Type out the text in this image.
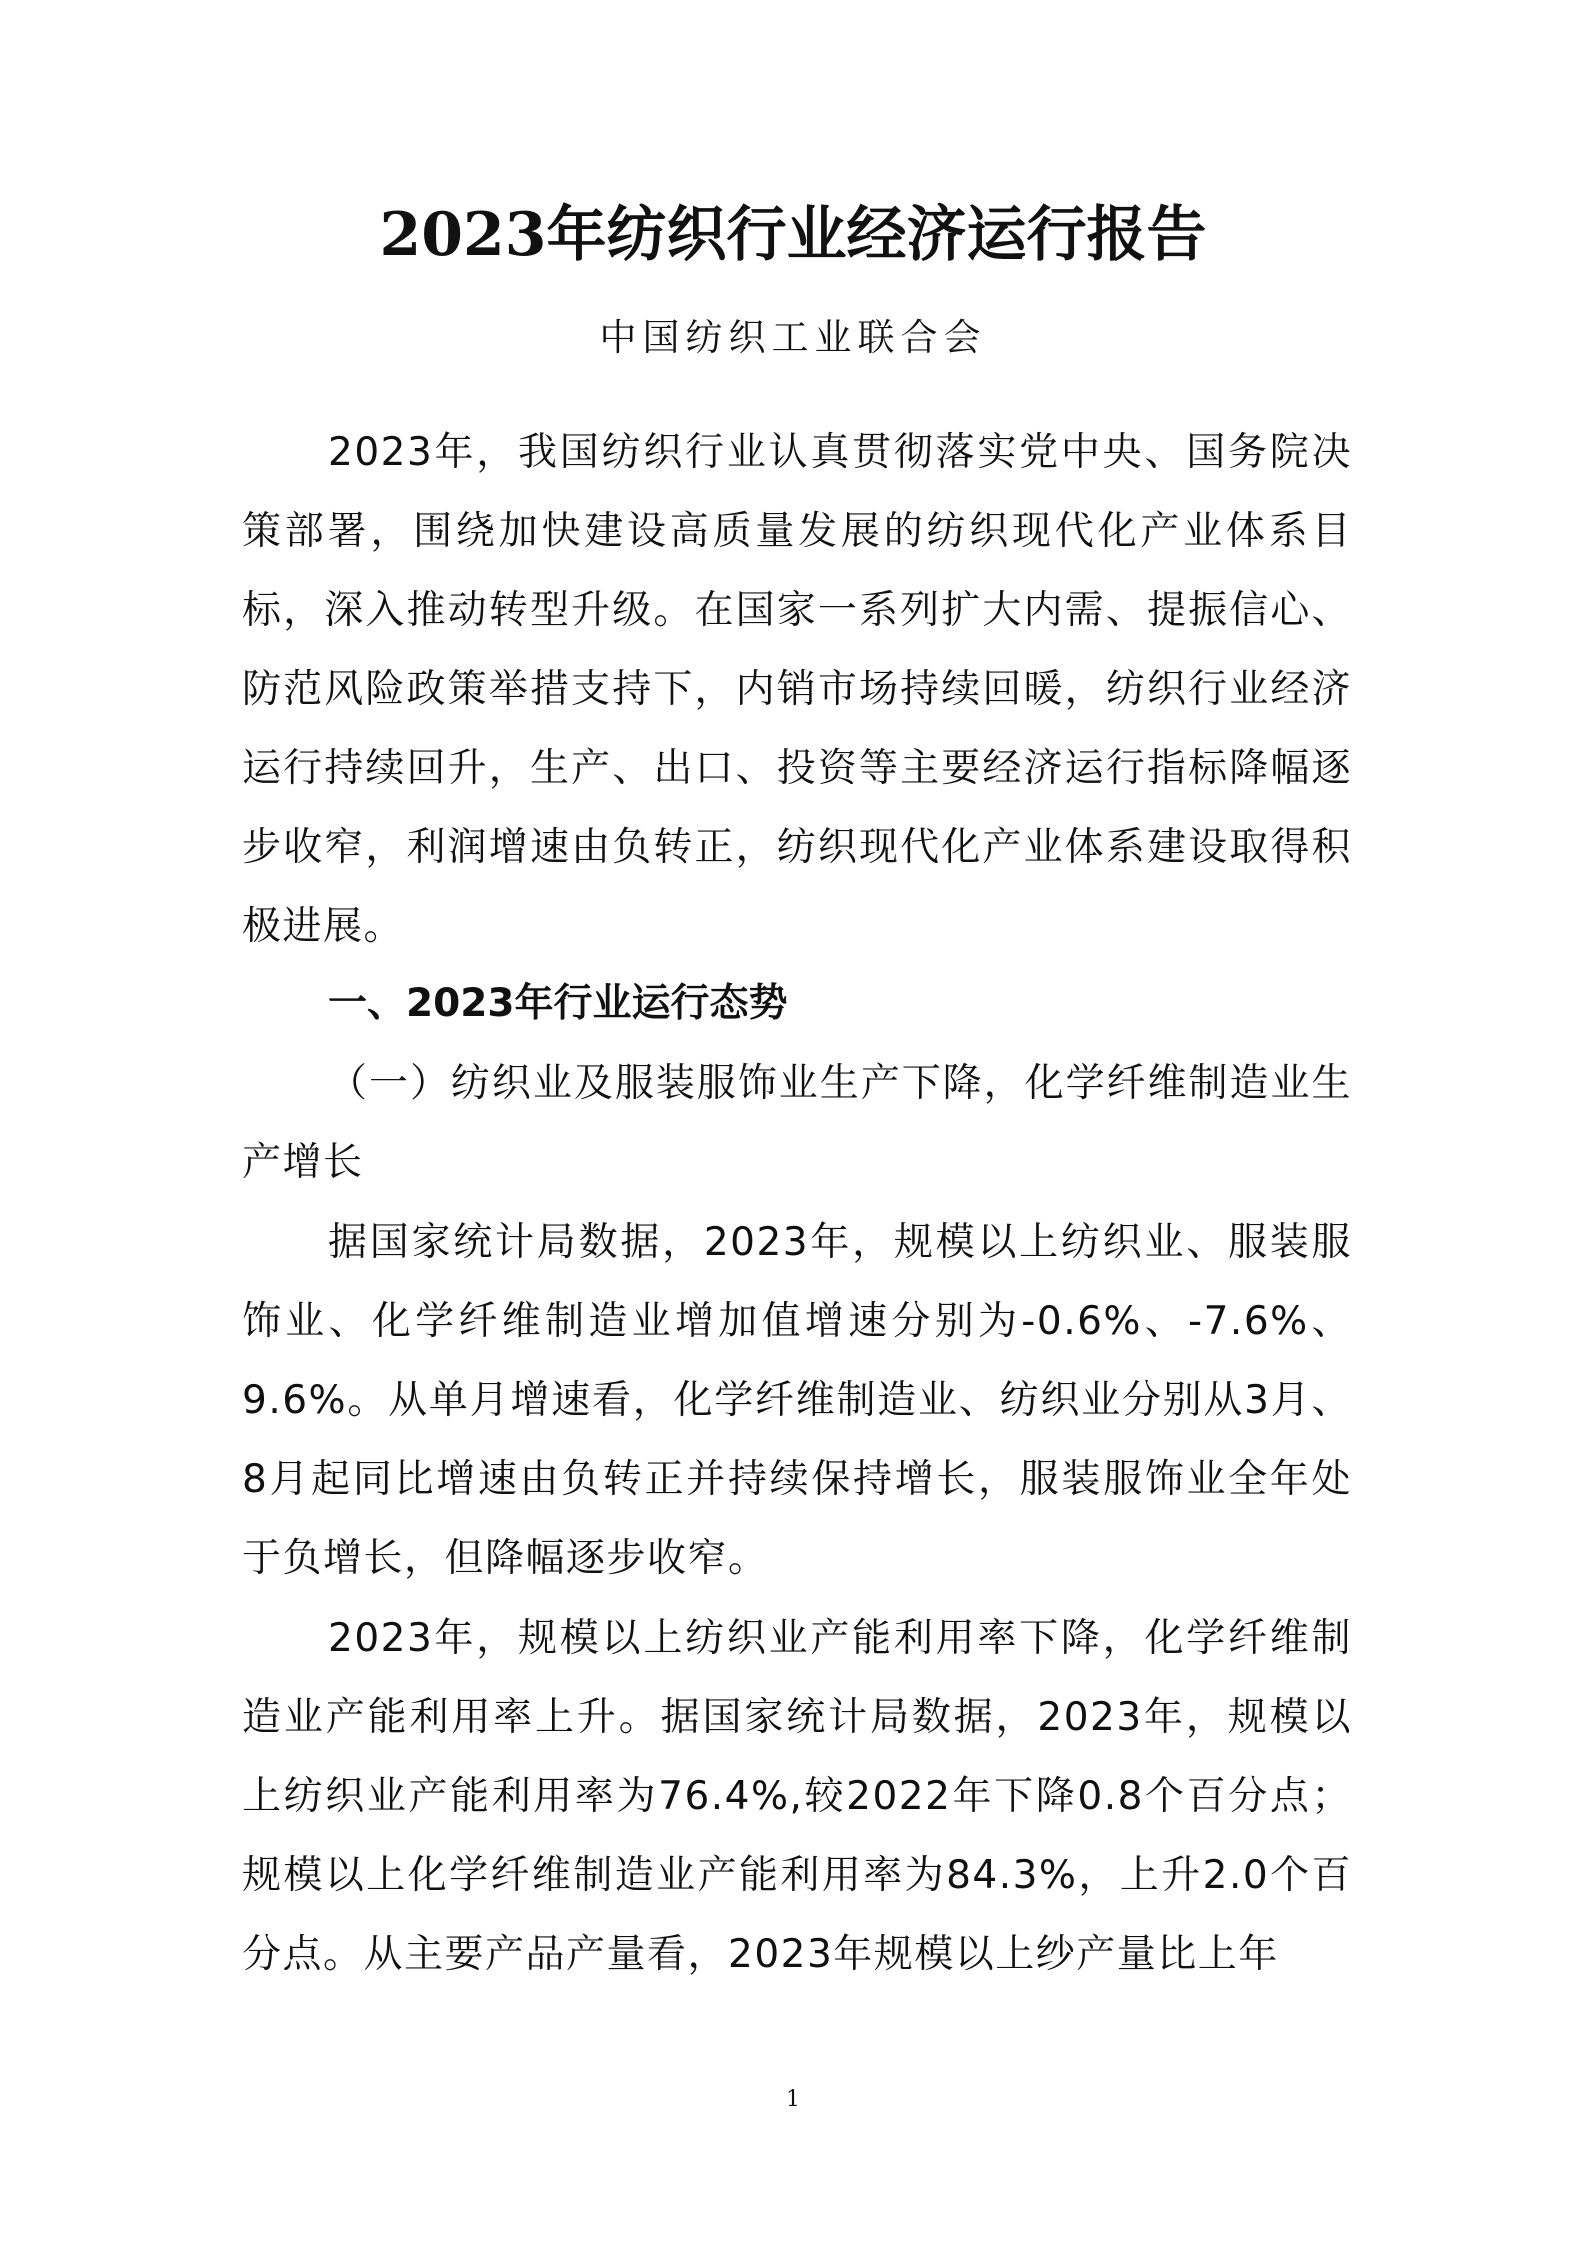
2023年纺织行业经济运行报告
中国纺织工业联合会

2023年，我国纺织行业认真贯彻落实党中央、国务院决策部署，围绕加快建设高质量发展的纺织现代化产业体系目标，深入推动转型升级。在国家一系列扩大内需、提振信心、防范风险政策举措支持下，内销市场持续回暖，纺织行业经济运行持续回升，生产、出口、投资等主要经济运行指标降幅逐步收窄，利润增速由负转正，纺织现代化产业体系建设取得积极进展。

一、2023年行业运行态势

（一）纺织业及服装服饰业生产下降，化学纤维制造业生产增长

据国家统计局数据，2023年，规模以上纺织业、服装服饰业、化学纤维制造业增加值增速分别为-0.6%、-7.6%、9.6%。从单月增速看，化学纤维制造业、纺织业分别从3月、8月起同比增速由负转正并持续保持增长，服装服饰业全年处于负增长，但降幅逐步收窄。

2023年，规模以上纺织业产能利用率下降，化学纤维制造业产能利用率上升。据国家统计局数据，2023年，规模以上纺织业产能利用率为76.4%,较2022年下降0.8个百分点；规模以上化学纤维制造业产能利用率为84.3%，上升2.0个百分点。从主要产品产量看，2023年规模以上纱产量比上年

1
